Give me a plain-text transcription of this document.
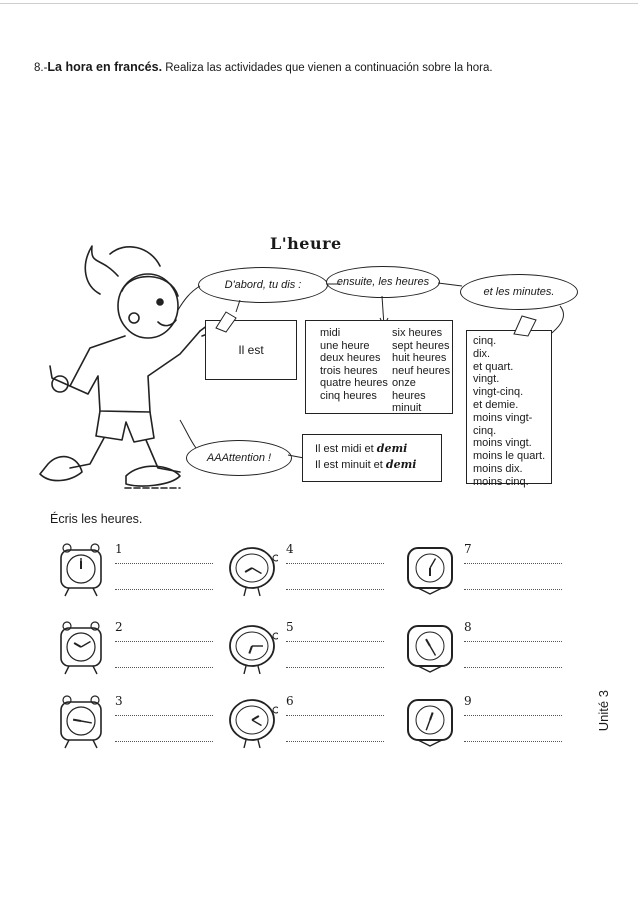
8.-La hora en francés. Realiza las actividades que vienen a continuación sobre la hora.
L'heure
D'abord, tu dis :	ensuite, les heures
et les minutes.
AAAttention !
Il est
midi
une heure
deux heures
trois heures
quatre heures
cinq heures
six heures
sept heures
huit heures
neuf heures
onze heures
minuit
cinq.
dix.
et quart.
vingt.
vingt-cinq.
et demie.
moins vingt-cinq.
moins vingt.
moins le quart.
moins dix.
moins cinq.
Il est midi et demi
Il est minuit et demi
Écris les heures.
1
2
3
4
5
6
7
8
9	Unité 3
